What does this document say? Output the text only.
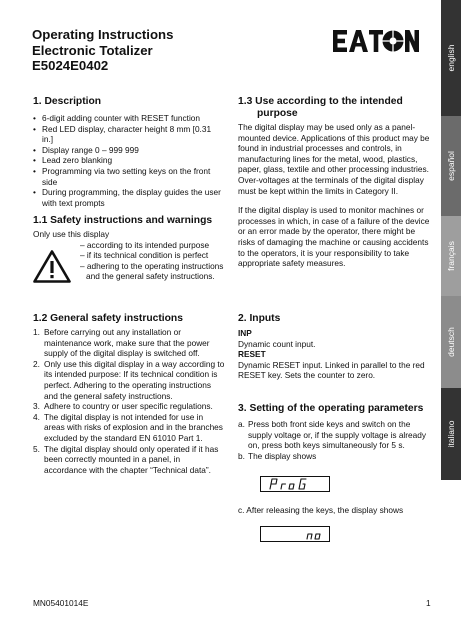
Operating Instructions
Electronic Totalizer
E5024E0402	english
español
français
deutsch
italiano
1. Description
• 6-digit adding counter with RESET function
• Red LED display, character height 8 mm [0.31 in.]
• Display range 0 – 999 999
• Lead zero blanking
• Programming via two setting keys on the front side
• During programming, the display guides the user with text prompts
1.1 Safety instructions and warnings
Only use this display
– according to its intended purpose
– if its technical condition is perfect
– adhering to the operating instructions and the general safety instructions.
1.2 General safety instructions
1. Before carrying out any installation or maintenance work, make sure that the power supply of the digital display is switched off.
2. Only use this digital display in a way according to its intended purpose: If its technical condition is perfect. Adhering to the operating instructions and the general safety instructions.
3. Adhere to country or user specific regulations.
4. The digital display is not intended for use in areas with risks of explosion and in the branches excluded by the standard EN 61010 Part 1.
5. The digital display should only operated if it has been correctly mounted in a panel, in accordance with the chapter “Technical data”.
1.3 Use according to the intended
purpose
The digital display may be used only as a panel-mounted device. Applications of this product may be found in industrial processes and controls, in manufacturing lines for the metal, wood, plastics, paper, glass, textile and other processing industries.
Over-voltages at the terminals of the digital display must be kept within the limits in Category II.
If the digital display is used to monitor machines or processes in which, in case of a failure of the device or an error made by the operator, there might be risks of damaging the machine or causing accidents to the operators, it is your responsibility to take appropriate safety measures.
2. Inputs
INP
Dynamic count input.
RESET
Dynamic RESET input. Linked in parallel to the red RESET key. Sets the counter to zero.
3. Setting of the operating parameters
a. Press both front side keys and switch on the supply voltage or, if the supply voltage is already on, press both keys simultaneously for 5 s.
b. The display shows
c. After releasing the keys, the display shows
MN05401014E	1
